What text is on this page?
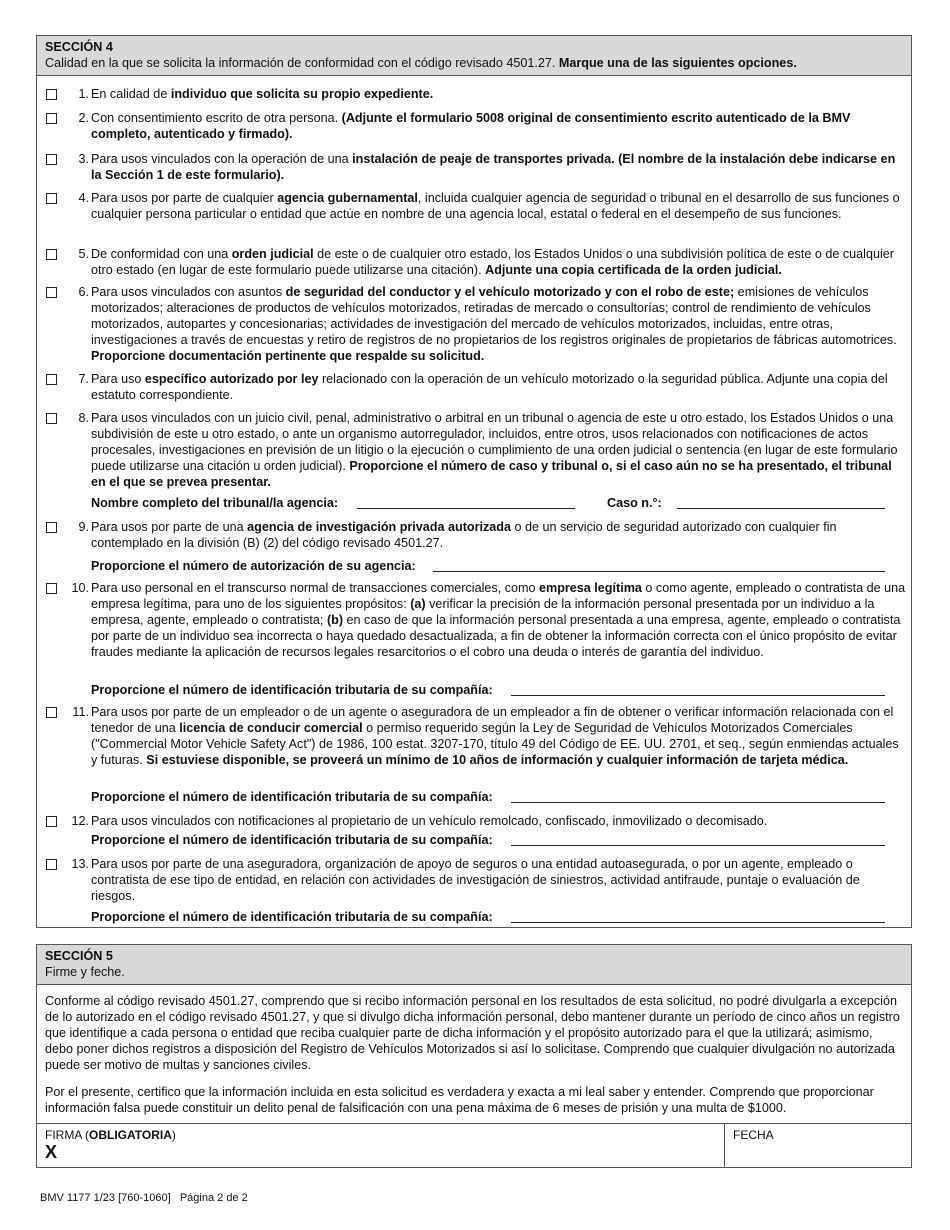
SECCIÓN 4
Calidad en la que se solicita la información de conformidad con el código revisado 4501.27. Marque una de las siguientes opciones.
1. En calidad de individuo que solicita su propio expediente.
2. Con consentimiento escrito de otra persona. (Adjunte el formulario 5008 original de consentimiento escrito autenticado de la BMV completo, autenticado y firmado).
3. Para usos vinculados con la operación de una instalación de peaje de transportes privada. (El nombre de la instalación debe indicarse en la Sección 1 de este formulario).
4. Para usos por parte de cualquier agencia gubernamental, incluida cualquier agencia de seguridad o tribunal en el desarrollo de sus funciones o cualquier persona particular o entidad que actúe en nombre de una agencia local, estatal o federal en el desempeño de sus funciones.
5. De conformidad con una orden judicial de este o de cualquier otro estado, los Estados Unidos o una subdivisión política de este o de cualquier otro estado (en lugar de este formulario puede utilizarse una citación). Adjunte una copia certificada de la orden judicial.
6. Para usos vinculados con asuntos de seguridad del conductor y el vehículo motorizado y con el robo de este; emisiones de vehículos motorizados; alteraciones de productos de vehículos motorizados, retiradas de mercado o consultorías; control de rendimiento de vehículos motorizados, autopartes y concesionarias; actividades de investigación del mercado de vehículos motorizados, incluidas, entre otras, investigaciones a través de encuestas y retiro de registros de no propietarios de los registros originales de propietarios de fábricas automotrices. Proporcione documentación pertinente que respalde su solicitud.
7. Para uso específico autorizado por ley relacionado con la operación de un vehículo motorizado o la seguridad pública. Adjunte una copia del estatuto correspondiente.
8. Para usos vinculados con un juicio civil, penal, administrativo o arbitral en un tribunal o agencia de este u otro estado, los Estados Unidos o una subdivisión de este u otro estado, o ante un organismo autorregulador, incluidos, entre otros, usos relacionados con notificaciones de actos procesales, investigaciones en previsión de un litigio o la ejecución o cumplimiento de una orden judicial o sentencia (en lugar de este formulario puede utilizarse una citación u orden judicial). Proporcione el número de caso y tribunal o, si el caso aún no se ha presentado, el tribunal en el que se prevea presentar.
Nombre completo del tribunal/la agencia:	Caso n.°:
9. Para usos por parte de una agencia de investigación privada autorizada o de un servicio de seguridad autorizado con cualquier fin contemplado en la división (B) (2) del código revisado 4501.27.
Proporcione el número de autorización de su agencia:
10. Para uso personal en el transcurso normal de transacciones comerciales, como empresa legítima o como agente, empleado o contratista de una empresa legítima, para uno de los siguientes propósitos: (a) verificar la precisión de la información personal presentada por un individuo a la empresa, agente, empleado o contratista; (b) en caso de que la información personal presentada a una empresa, agente, empleado o contratista por parte de un individuo sea incorrecta o haya quedado desactualizada, a fin de obtener la información correcta con el único propósito de evitar fraudes mediante la aplicación de recursos legales resarcitorios o el cobro una deuda o interés de garantía del individuo.
Proporcione el número de identificación tributaria de su compañía:
11. Para usos por parte de un empleador o de un agente o aseguradora de un empleador a fin de obtener o verificar información relacionada con el tenedor de una licencia de conducir comercial o permiso requerido según la Ley de Seguridad de Vehículos Motorizados Comerciales ("Commercial Motor Vehicle Safety Act") de 1986, 100 estat. 3207-170, título 49 del Código de EE. UU. 2701, et seq., según enmiendas actuales y futuras. Si estuviese disponible, se proveerá un mínimo de 10 años de información y cualquier información de tarjeta médica.
Proporcione el número de identificación tributaria de su compañía:
12. Para usos vinculados con notificaciones al propietario de un vehículo remolcado, confiscado, inmovilizado o decomisado.
Proporcione el número de identificación tributaria de su compañía:
13. Para usos por parte de una aseguradora, organización de apoyo de seguros o una entidad autoasegurada, o por un agente, empleado o contratista de ese tipo de entidad, en relación con actividades de investigación de siniestros, actividad antifraude, puntaje o evaluación de riesgos.
Proporcione el número de identificación tributaria de su compañía:
SECCIÓN 5
Firme y feche.
Conforme al código revisado 4501.27, comprendo que si recibo información personal en los resultados de esta solicitud, no podré divulgarla a excepción de lo autorizado en el código revisado 4501.27, y que si divulgo dicha información personal, debo mantener durante un período de cinco años un registro que identifique a cada persona o entidad que reciba cualquier parte de dicha información y el propósito autorizado para el que la utilizará; asimismo, debo poner dichos registros a disposición del Registro de Vehículos Motorizados si así lo solicitase. Comprendo que cualquier divulgación no autorizada puede ser motivo de multas y sanciones civiles.
Por el presente, certifico que la información incluida en esta solicitud es verdadera y exacta a mi leal saber y entender. Comprendo que proporcionar información falsa puede constituir un delito penal de falsificación con una pena máxima de 6 meses de prisión y una multa de $1000.
FIRMA (OBLIGATORIA)
X
FECHA
BMV 1177 1/23 [760-1060]   Página 2 de 2
